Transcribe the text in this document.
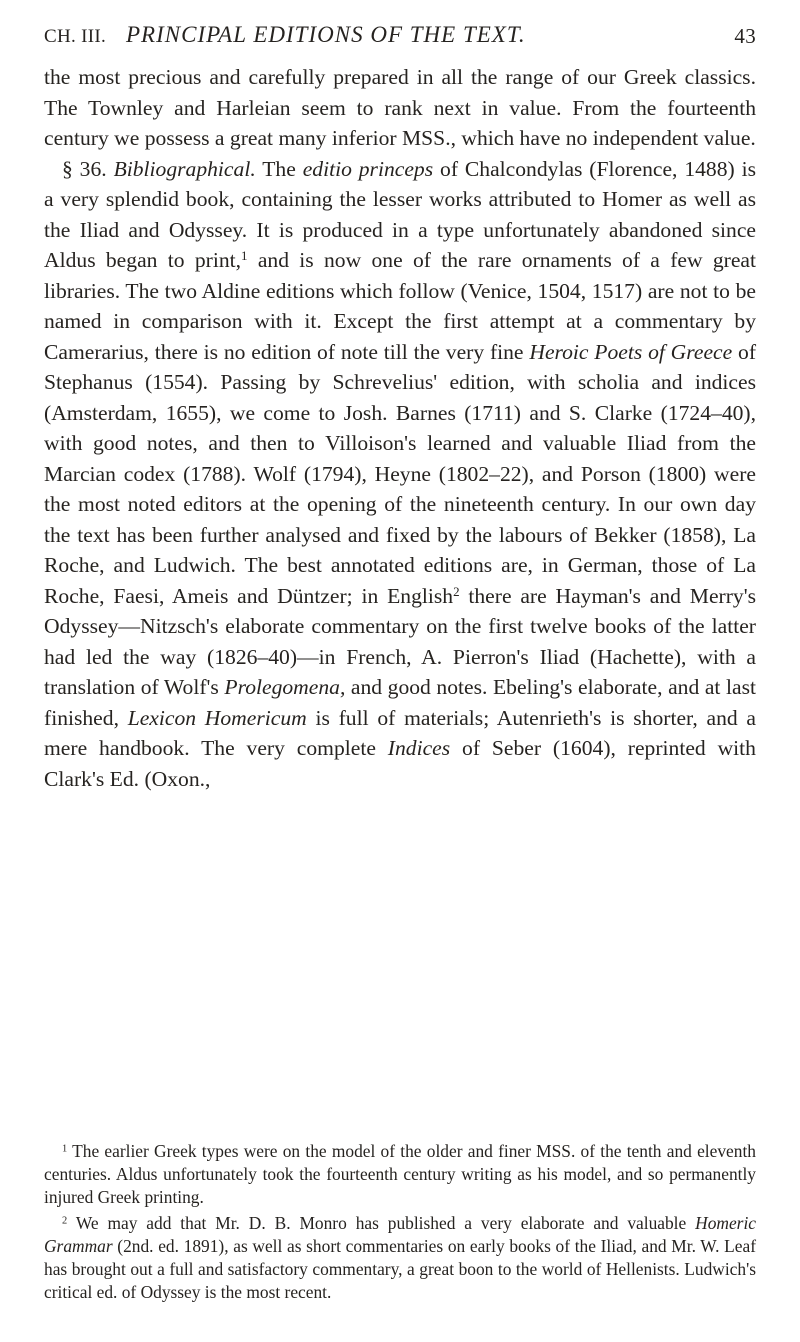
CH. III. PRINCIPAL EDITIONS OF THE TEXT.	43

the most precious and carefully prepared in all the range of our Greek classics. The Townley and Harleian seem to rank next in value. From the fourteenth century we possess a great many inferior MSS., which have no independent value.

§ 36. Bibliographical. The editio princeps of Chalcondylas (Florence, 1488) is a very splendid book, containing the lesser works attributed to Homer as well as the Iliad and Odyssey. It is produced in a type unfortunately abandoned since Aldus began to print,$^1$ and is now one of the rare ornaments of a few great libraries. The two Aldine editions which follow (Venice, 1504, 1517) are not to be named in comparison with it. Except the first attempt at a commentary by Camerarius, there is no edition of note till the very fine Heroic Poets of Greece of Stephanus (1554). Passing by Schrevelius' edition, with scholia and indices (Amsterdam, 1655), we come to Josh. Barnes (1711) and S. Clarke (1724–40), with good notes, and then to Villoison's learned and valuable Iliad from the Marcian codex (1788). Wolf (1794), Heyne (1802–22), and Porson (1800) were the most noted editors at the opening of the nineteenth century. In our own day the text has been further analysed and fixed by the labours of Bekker (1858), La Roche, and Ludwich. The best annotated editions are, in German, those of La Roche, Faesi, Ameis and Düntzer; in English$^2$ there are Hayman's and Merry's Odyssey—Nitzsch's elaborate commentary on the first twelve books of the latter had led the way (1826–40)—in French, A. Pierron's Iliad (Hachette), with a translation of Wolf's Prolegomena, and good notes. Ebeling's elaborate, and at last finished, Lexicon Homericum is full of materials; Autenrieth's is shorter, and a mere handbook. The very complete Indices of Seber (1604), reprinted with Clark's Ed. (Oxon.,

$^1$ The earlier Greek types were on the model of the older and finer MSS. of the tenth and eleventh centuries. Aldus unfortunately took the fourteenth century writing as his model, and so permanently injured Greek printing.

$^2$ We may add that Mr. D. B. Monro has published a very elaborate and valuable Homeric Grammar (2nd. ed. 1891), as well as short commentaries on early books of the Iliad, and Mr. W. Leaf has brought out a full and satisfactory commentary, a great boon to the world of Hellenists. Ludwich's critical ed. of Odyssey is the most recent.
